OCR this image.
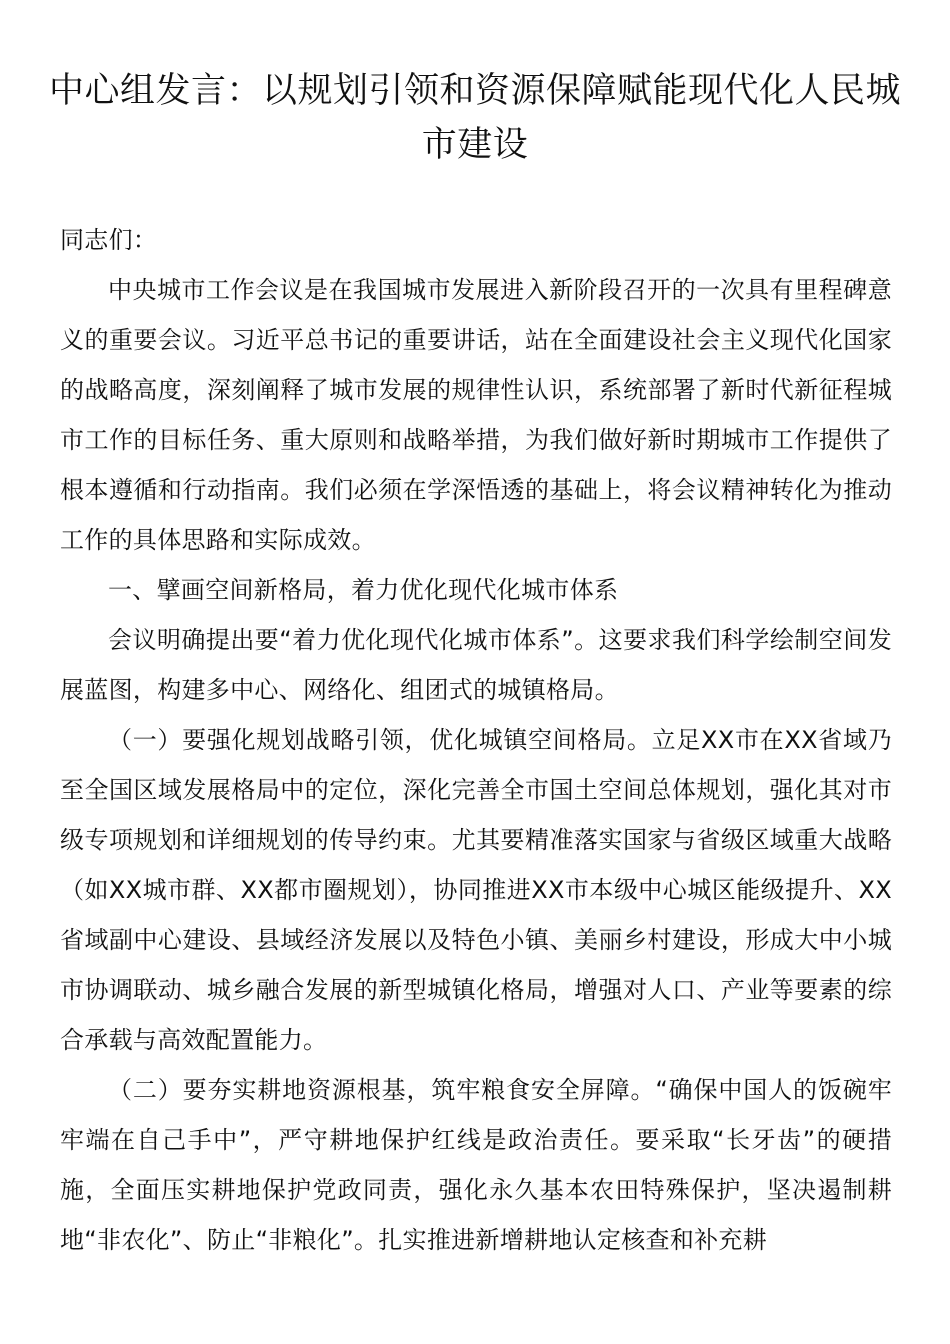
中心组发言：以规划引领和资源保障赋能现代化人民城市建设

同志们：

中央城市工作会议是在我国城市发展进入新阶段召开的一次具有里程碑意义的重要会议。习近平总书记的重要讲话，站在全面建设社会主义现代化国家的战略高度，深刻阐释了城市发展的规律性认识，系统部署了新时代新征程城市工作的目标任务、重大原则和战略举措，为我们做好新时期城市工作提供了根本遵循和行动指南。我们必须在学深悟透的基础上，将会议精神转化为推动工作的具体思路和实际成效。

一、擘画空间新格局，着力优化现代化城市体系

会议明确提出要“着力优化现代化城市体系”。这要求我们科学绘制空间发展蓝图，构建多中心、网络化、组团式的城镇格局。

（一）要强化规划战略引领，优化城镇空间格局。立足XX市在XX省域乃至全国区域发展格局中的定位，深化完善全市国土空间总体规划，强化其对市级专项规划和详细规划的传导约束。尤其要精准落实国家与省级区域重大战略（如XX城市群、XX都市圈规划），协同推进XX市本级中心城区能级提升、XX省域副中心建设、县域经济发展以及特色小镇、美丽乡村建设，形成大中小城市协调联动、城乡融合发展的新型城镇化格局，增强对人口、产业等要素的综合承载与高效配置能力。

（二）要夯实耕地资源根基，筑牢粮食安全屏障。“确保中国人的饭碗牢牢端在自己手中”，严守耕地保护红线是政治责任。要采取“长牙齿”的硬措施，全面压实耕地保护党政同责，强化永久基本农田特殊保护，坚决遏制耕地“非农化”、防止“非粮化”。扎实推进新增耕地认定核查和补充耕
